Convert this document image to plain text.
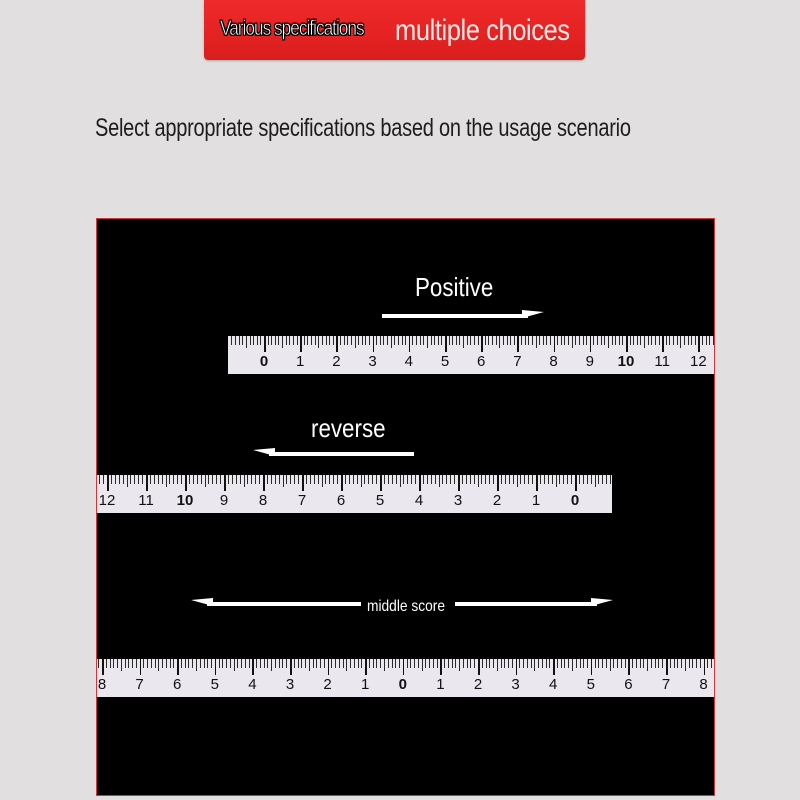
Various specifications multiple choices
Select appropriate specifications based on the usage scenario
Positive
0 1 2 3 4 5 6 7 8 9 10 11 12
reverse
12 11 10 9 8 7 6 5 4 3 2 1 0
middle score
8 7 6 5 4 3 2 1 0 1 2 3 4 5 6 7 8
